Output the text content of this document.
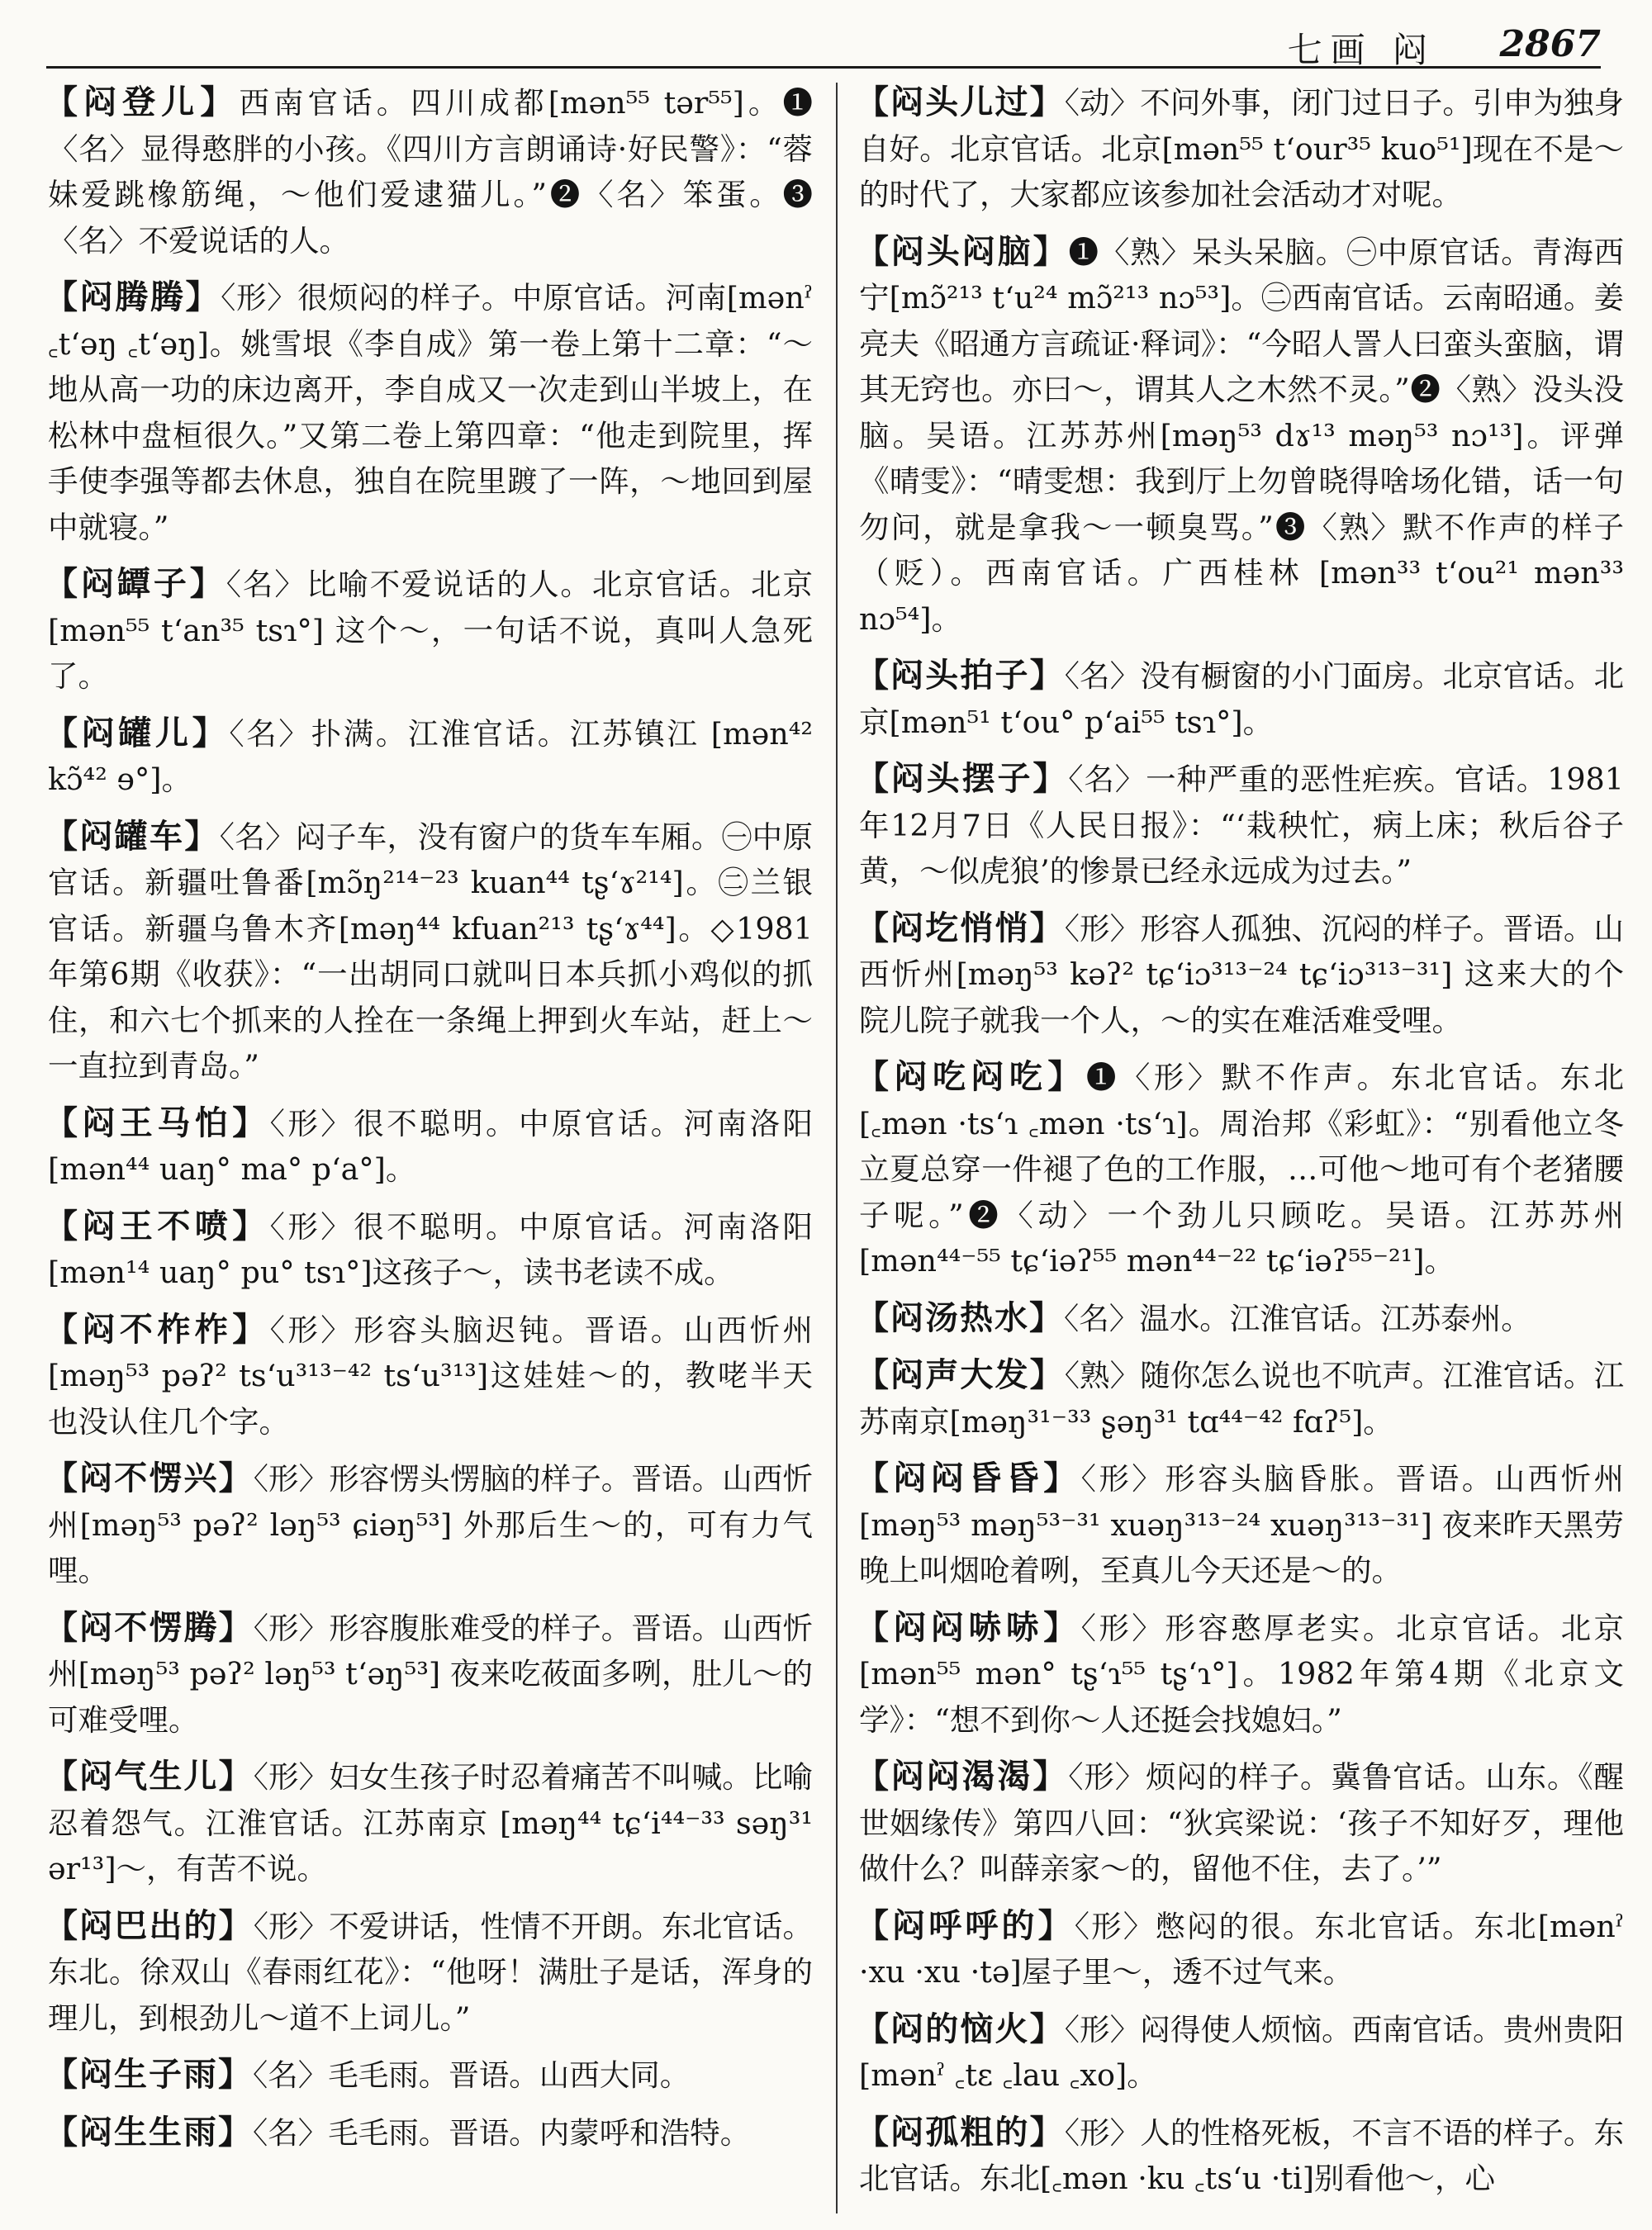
七画 闷 2867

【闷登儿】西南官话。四川成都[mən⁵⁵ tər⁵⁵]。❶〈名〉显得憨胖的小孩。《四川方言朗诵诗·好民警》：“蓉妹爱跳橡筋绳，～他们爱逮猫儿。”❷〈名〉笨蛋。❸〈名〉不爱说话的人。

【闷腾腾】〈形〉很烦闷的样子。中原官话。河南[mənˀ ꜀tʻəŋ ꜀tʻəŋ]。姚雪垠《李自成》第一卷上第十二章：“～地从高一功的床边离开，李自成又一次走到山半坡上，在松林中盘桓很久。”又第二卷上第四章：“他走到院里，挥手使李强等都去休息，独自在院里踱了一阵，～地回到屋中就寝。”

【闷罈子】〈名〉比喻不爱说话的人。北京官话。北京[mən⁵⁵ tʻan³⁵ tsɿ°] 这个～，一句话不说，真叫人急死了。

【闷罐儿】〈名〉扑满。江淮官话。江苏镇江 [mən⁴² kɔ̃⁴² ɘ°]。

【闷罐车】〈名〉闷子车，没有窗户的货车车厢。㊀中原官话。新疆吐鲁番[mɔ̃ŋ²¹⁴⁻²³ kuan⁴⁴ tʂʻɤ²¹⁴]。㊁兰银官话。新疆乌鲁木齐[məŋ⁴⁴ kfuan²¹³ tʂʻɤ⁴⁴]。◇1981年第6期《收获》：“一出胡同口就叫日本兵抓小鸡似的抓住，和六七个抓来的人拴在一条绳上押到火车站，赶上～一直拉到青岛。”

【闷王马怕】〈形〉很不聪明。中原官话。河南洛阳[mən⁴⁴ uaŋ° ma° pʻa°]。

【闷王不喷】〈形〉很不聪明。中原官话。河南洛阳[mən¹⁴ uaŋ° pu° tsɿ°]这孩子～，读书老读不成。

【闷不柞柞】〈形〉形容头脑迟钝。晋语。山西忻州[məŋ⁵³ pəʔ² tsʻu³¹³⁻⁴² tsʻu³¹³]这娃娃～的，教咾半天也没认住几个字。

【闷不愣兴】〈形〉形容愣头愣脑的样子。晋语。山西忻州[məŋ⁵³ pəʔ² ləŋ⁵³ ɕiəŋ⁵³] 外那后生～的，可有力气哩。

【闷不愣腾】〈形〉形容腹胀难受的样子。晋语。山西忻州[məŋ⁵³ pəʔ² ləŋ⁵³ tʻəŋ⁵³] 夜来吃莜面多咧，肚儿～的可难受哩。

【闷气生儿】〈形〉妇女生孩子时忍着痛苦不叫喊。比喻忍着怨气。江淮官话。江苏南京 [məŋ⁴⁴ tɕʻi⁴⁴⁻³³ səŋ³¹ ər¹³]～，有苦不说。

【闷巴出的】〈形〉不爱讲话，性情不开朗。东北官话。东北。徐双山《春雨红花》：“他呀！满肚子是话，浑身的理儿，到根劲儿～道不上词儿。”

【闷生子雨】〈名〉毛毛雨。晋语。山西大同。

【闷生生雨】〈名〉毛毛雨。晋语。内蒙呼和浩特。

【闷头儿过】〈动〉不问外事，闭门过日子。引申为独身自好。北京官话。北京[mən⁵⁵ tʻour³⁵ kuo⁵¹]现在不是～的时代了，大家都应该参加社会活动才对呢。

【闷头闷脑】❶〈熟〉呆头呆脑。㊀中原官话。青海西宁[mɔ̃²¹³ tʻu²⁴ mɔ̃²¹³ nɔ⁵³]。㊁西南官话。云南昭通。姜亮夫《昭通方言疏证·释词》：“今昭人詈人曰蛮头蛮脑，谓其无窍也。亦曰～，谓其人之木然不灵。”❷〈熟〉没头没脑。吴语。江苏苏州[məŋ⁵³ dɤ¹³ məŋ⁵³ nɔ¹³]。评弹《晴雯》：“晴雯想：我到厅上勿曾晓得啥场化错，话一句勿问，就是拿我～一顿臭骂。”❸〈熟〉默不作声的样子（贬）。西南官话。广西桂林 [mən³³ tʻou²¹ mən³³ nɔ⁵⁴]。

【闷头拍子】〈名〉没有橱窗的小门面房。北京官话。北京[mən⁵¹ tʻou° pʻai⁵⁵ tsɿ°]。

【闷头摆子】〈名〉一种严重的恶性疟疾。官话。1981年12月7日《人民日报》：“‘栽秧忙，病上床；秋后谷子黄，～似虎狼’的惨景已经永远成为过去。”

【闷圪悄悄】〈形〉形容人孤独、沉闷的样子。晋语。山西忻州[məŋ⁵³ kəʔ² tɕʻiɔ³¹³⁻²⁴ tɕʻiɔ³¹³⁻³¹] 这来大的个院儿院子就我一个人，～的实在难活难受哩。

【闷吃闷吃】❶〈形〉默不作声。东北官话。东北[꜀mən ·tsʻɿ ꜀mən ·tsʻɿ]。周治邦《彩虹》：“别看他立冬立夏总穿一件褪了色的工作服，…可他～地可有个老猪腰子呢。”❷〈动〉一个劲儿只顾吃。吴语。江苏苏州[mən⁴⁴⁻⁵⁵ tɕʻiəʔ⁵⁵ mən⁴⁴⁻²² tɕʻiəʔ⁵⁵⁻²¹]。

【闷汤热水】〈名〉温水。江淮官话。江苏泰州。

【闷声大发】〈熟〉随你怎么说也不吭声。江淮官话。江苏南京[məŋ³¹⁻³³ ʂəŋ³¹ tɑ⁴⁴⁻⁴² fɑʔ⁵]。

【闷闷昏昏】〈形〉形容头脑昏胀。晋语。山西忻州 [məŋ⁵³ məŋ⁵³⁻³¹ xuəŋ³¹³⁻²⁴ xuəŋ³¹³⁻³¹] 夜来昨天黑劳晚上叫烟呛着咧，至真儿今天还是～的。

【闷闷哧哧】〈形〉形容憨厚老实。北京官话。北京[mən⁵⁵ mən° tʂʻɿ⁵⁵ tʂʻɿ°]。1982年第4期《北京文学》：“想不到你～人还挺会找媳妇。”

【闷闷渴渴】〈形〉烦闷的样子。冀鲁官话。山东。《醒世姻缘传》第四八回：“狄宾梁说：‘孩子不知好歹，理他做什么？叫薛亲家～的，留他不住，去了。’”

【闷呼呼的】〈形〉憋闷的很。东北官话。东北[mənˀ ·xu ·xu ·tə]屋子里～，透不过气来。

【闷的恼火】〈形〉闷得使人烦恼。西南官话。贵州贵阳[mənˀ ꜀tɛ ꜀lau ꜀xo]。

【闷孤粗的】〈形〉人的性格死板，不言不语的样子。东北官话。东北[꜀mən ·ku ꜀tsʻu ·ti]别看他～，心
